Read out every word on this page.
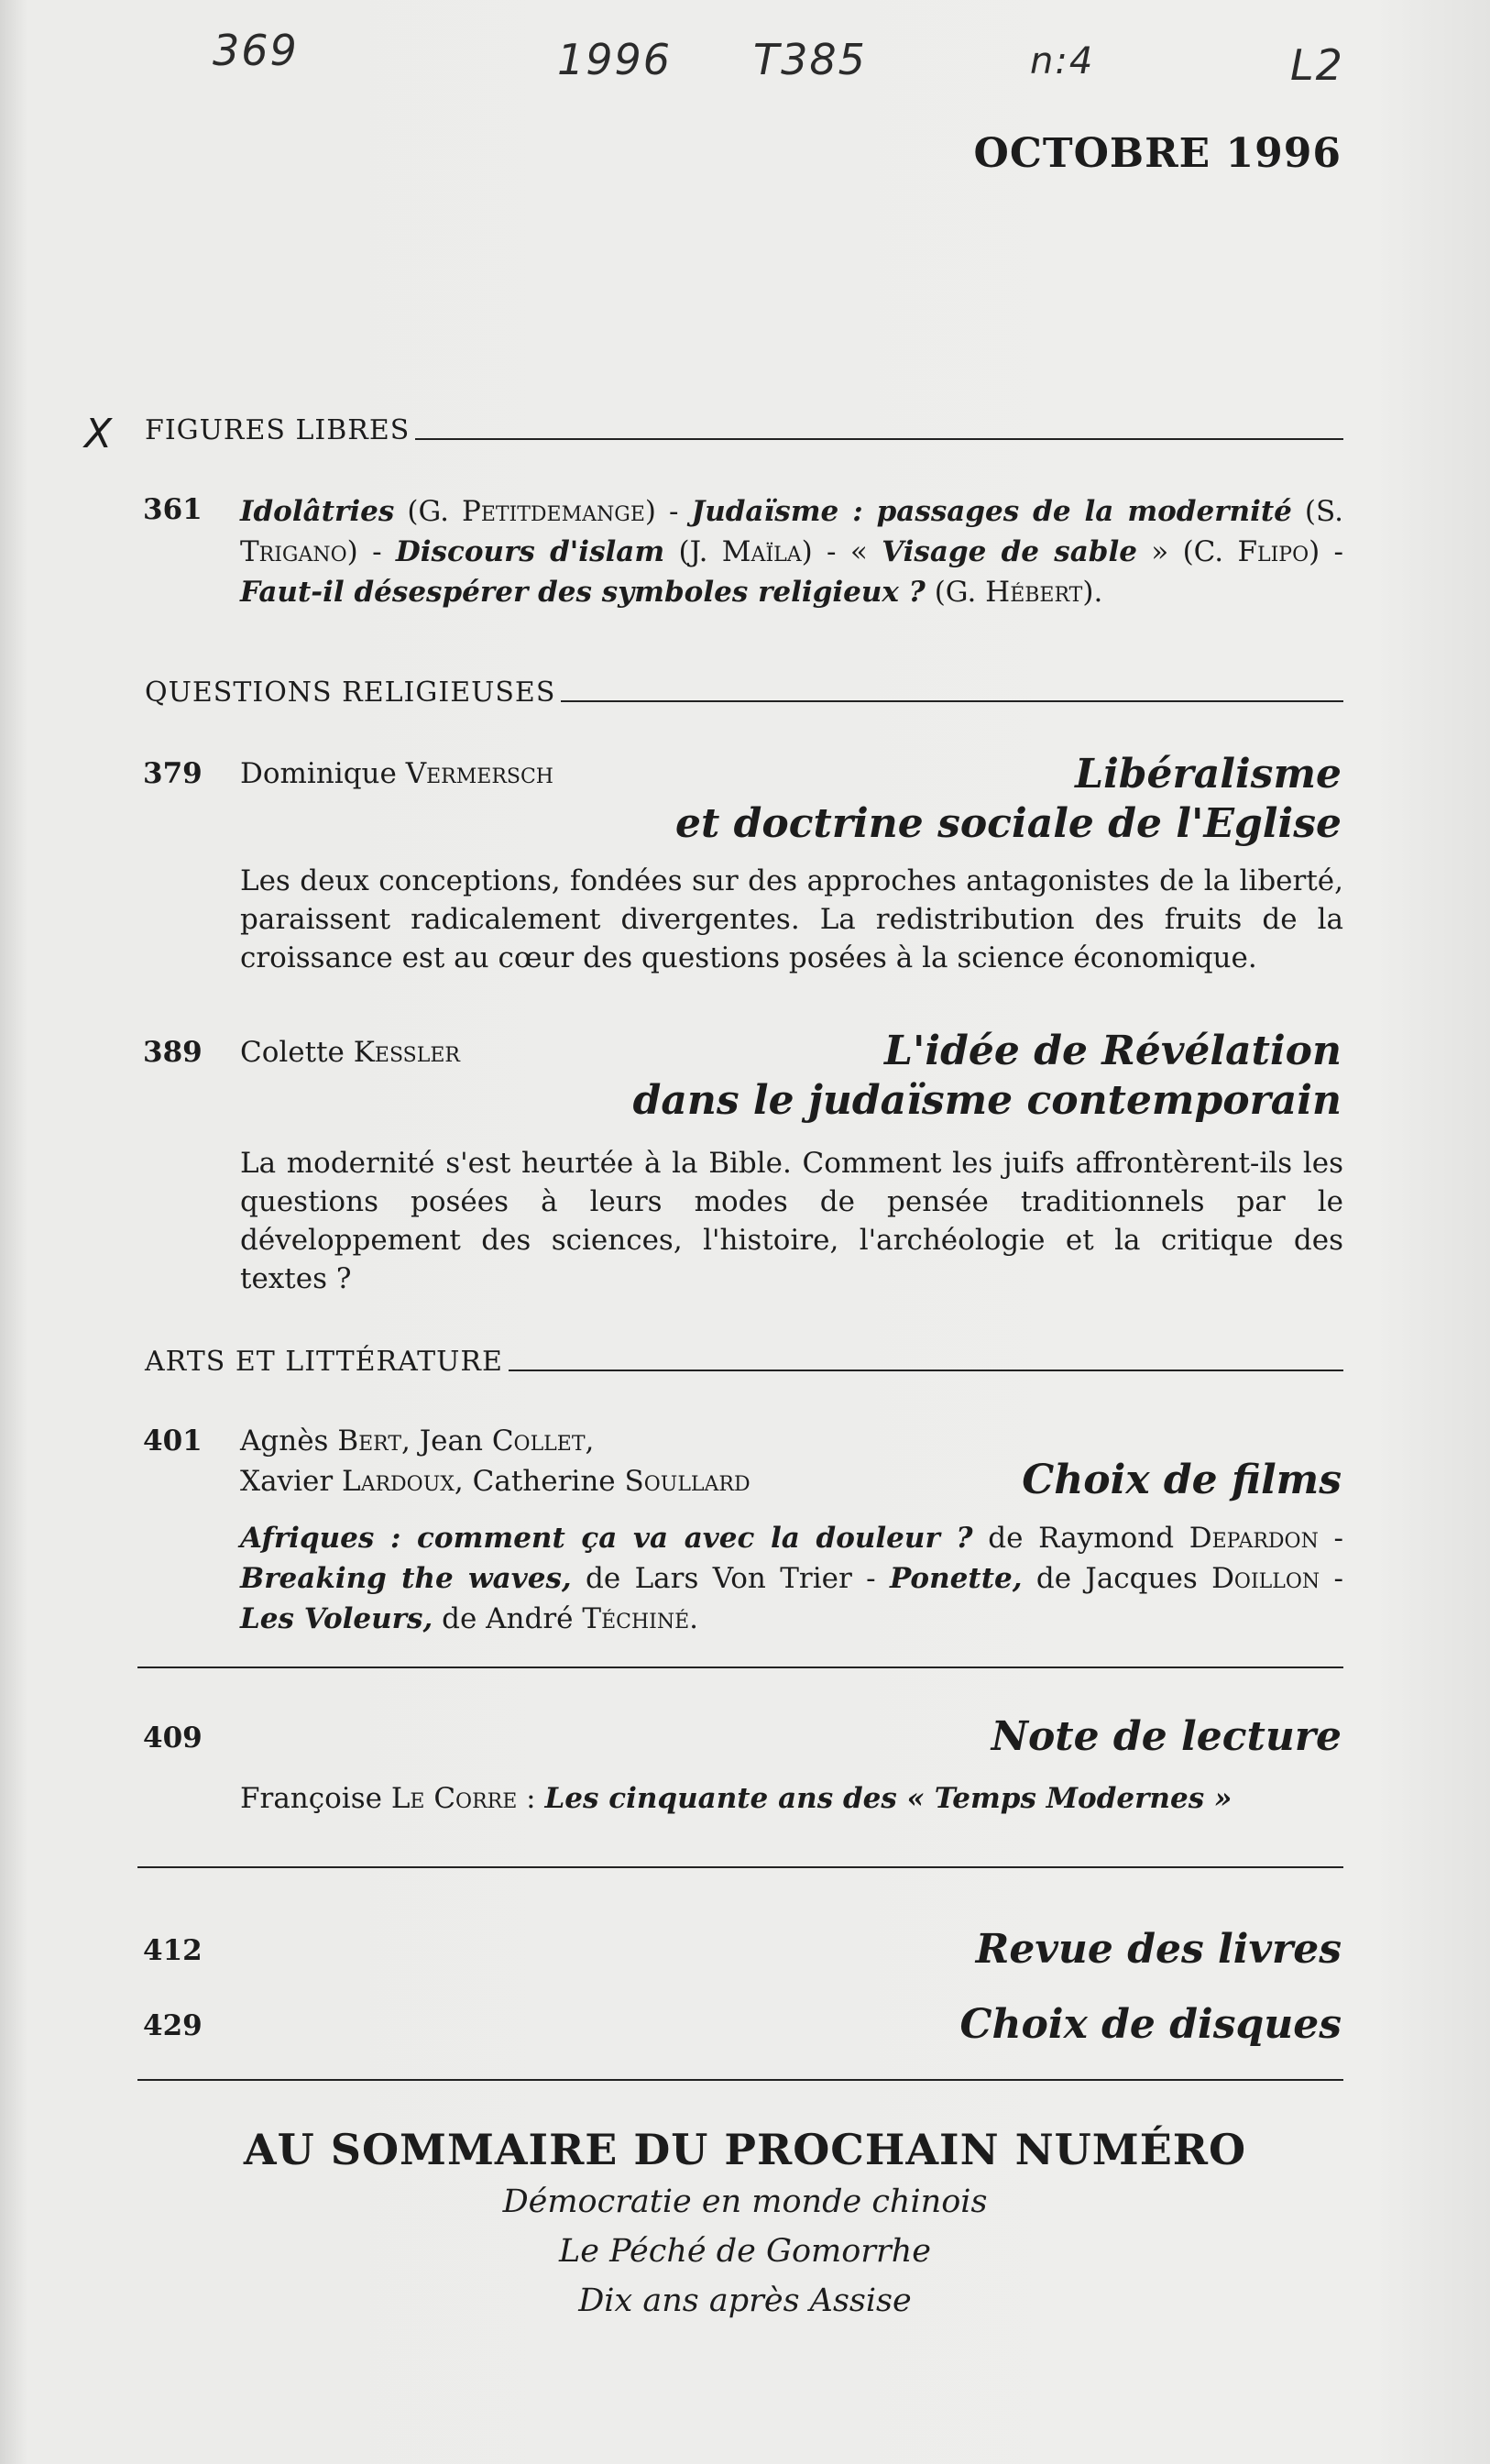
369	1996 T385	n:4	L2
OCTOBRE 1996
X FIGURES LIBRES
361 Idolâtries (G. Petitdemange) - Judaïsme : passages de la modernité (S. Trigano) - Discours d'islam (J. Maïla) - « Visage de sable » (C. Flipo) - Faut-il désespérer des symboles religieux ? (G. Hébert).
QUESTIONS RELIGIEUSES
379 Dominique Vermersch	Libéralisme
et doctrine sociale de l'Eglise
Les deux conceptions, fondées sur des approches antagonistes de la liberté, paraissent radicalement divergentes. La redistribution des fruits de la croissance est au cœur des questions posées à la science économique.
389 Colette Kessler	L'idée de Révélation
dans le judaïsme contemporain
La modernité s'est heurtée à la Bible. Comment les juifs affrontèrent-ils les questions posées à leurs modes de pensée traditionnels par le développement des sciences, l'histoire, l'archéologie et la critique des textes ?
ARTS ET LITTÉRATURE
401 Agnès Bert, Jean Collet,
Xavier Lardoux, Catherine Soullard	Choix de films
Afriques : comment ça va avec la douleur ? de Raymond Depardon - Breaking the waves, de Lars Von Trier - Ponette, de Jacques Doillon - Les Voleurs, de André Téchiné.
409	Note de lecture
Françoise Le Corre : Les cinquante ans des « Temps Modernes »
412	Revue des livres
429	Choix de disques
AU SOMMAIRE DU PROCHAIN NUMÉRO
Démocratie en monde chinois
Le Péché de Gomorrhe
Dix ans après Assise
